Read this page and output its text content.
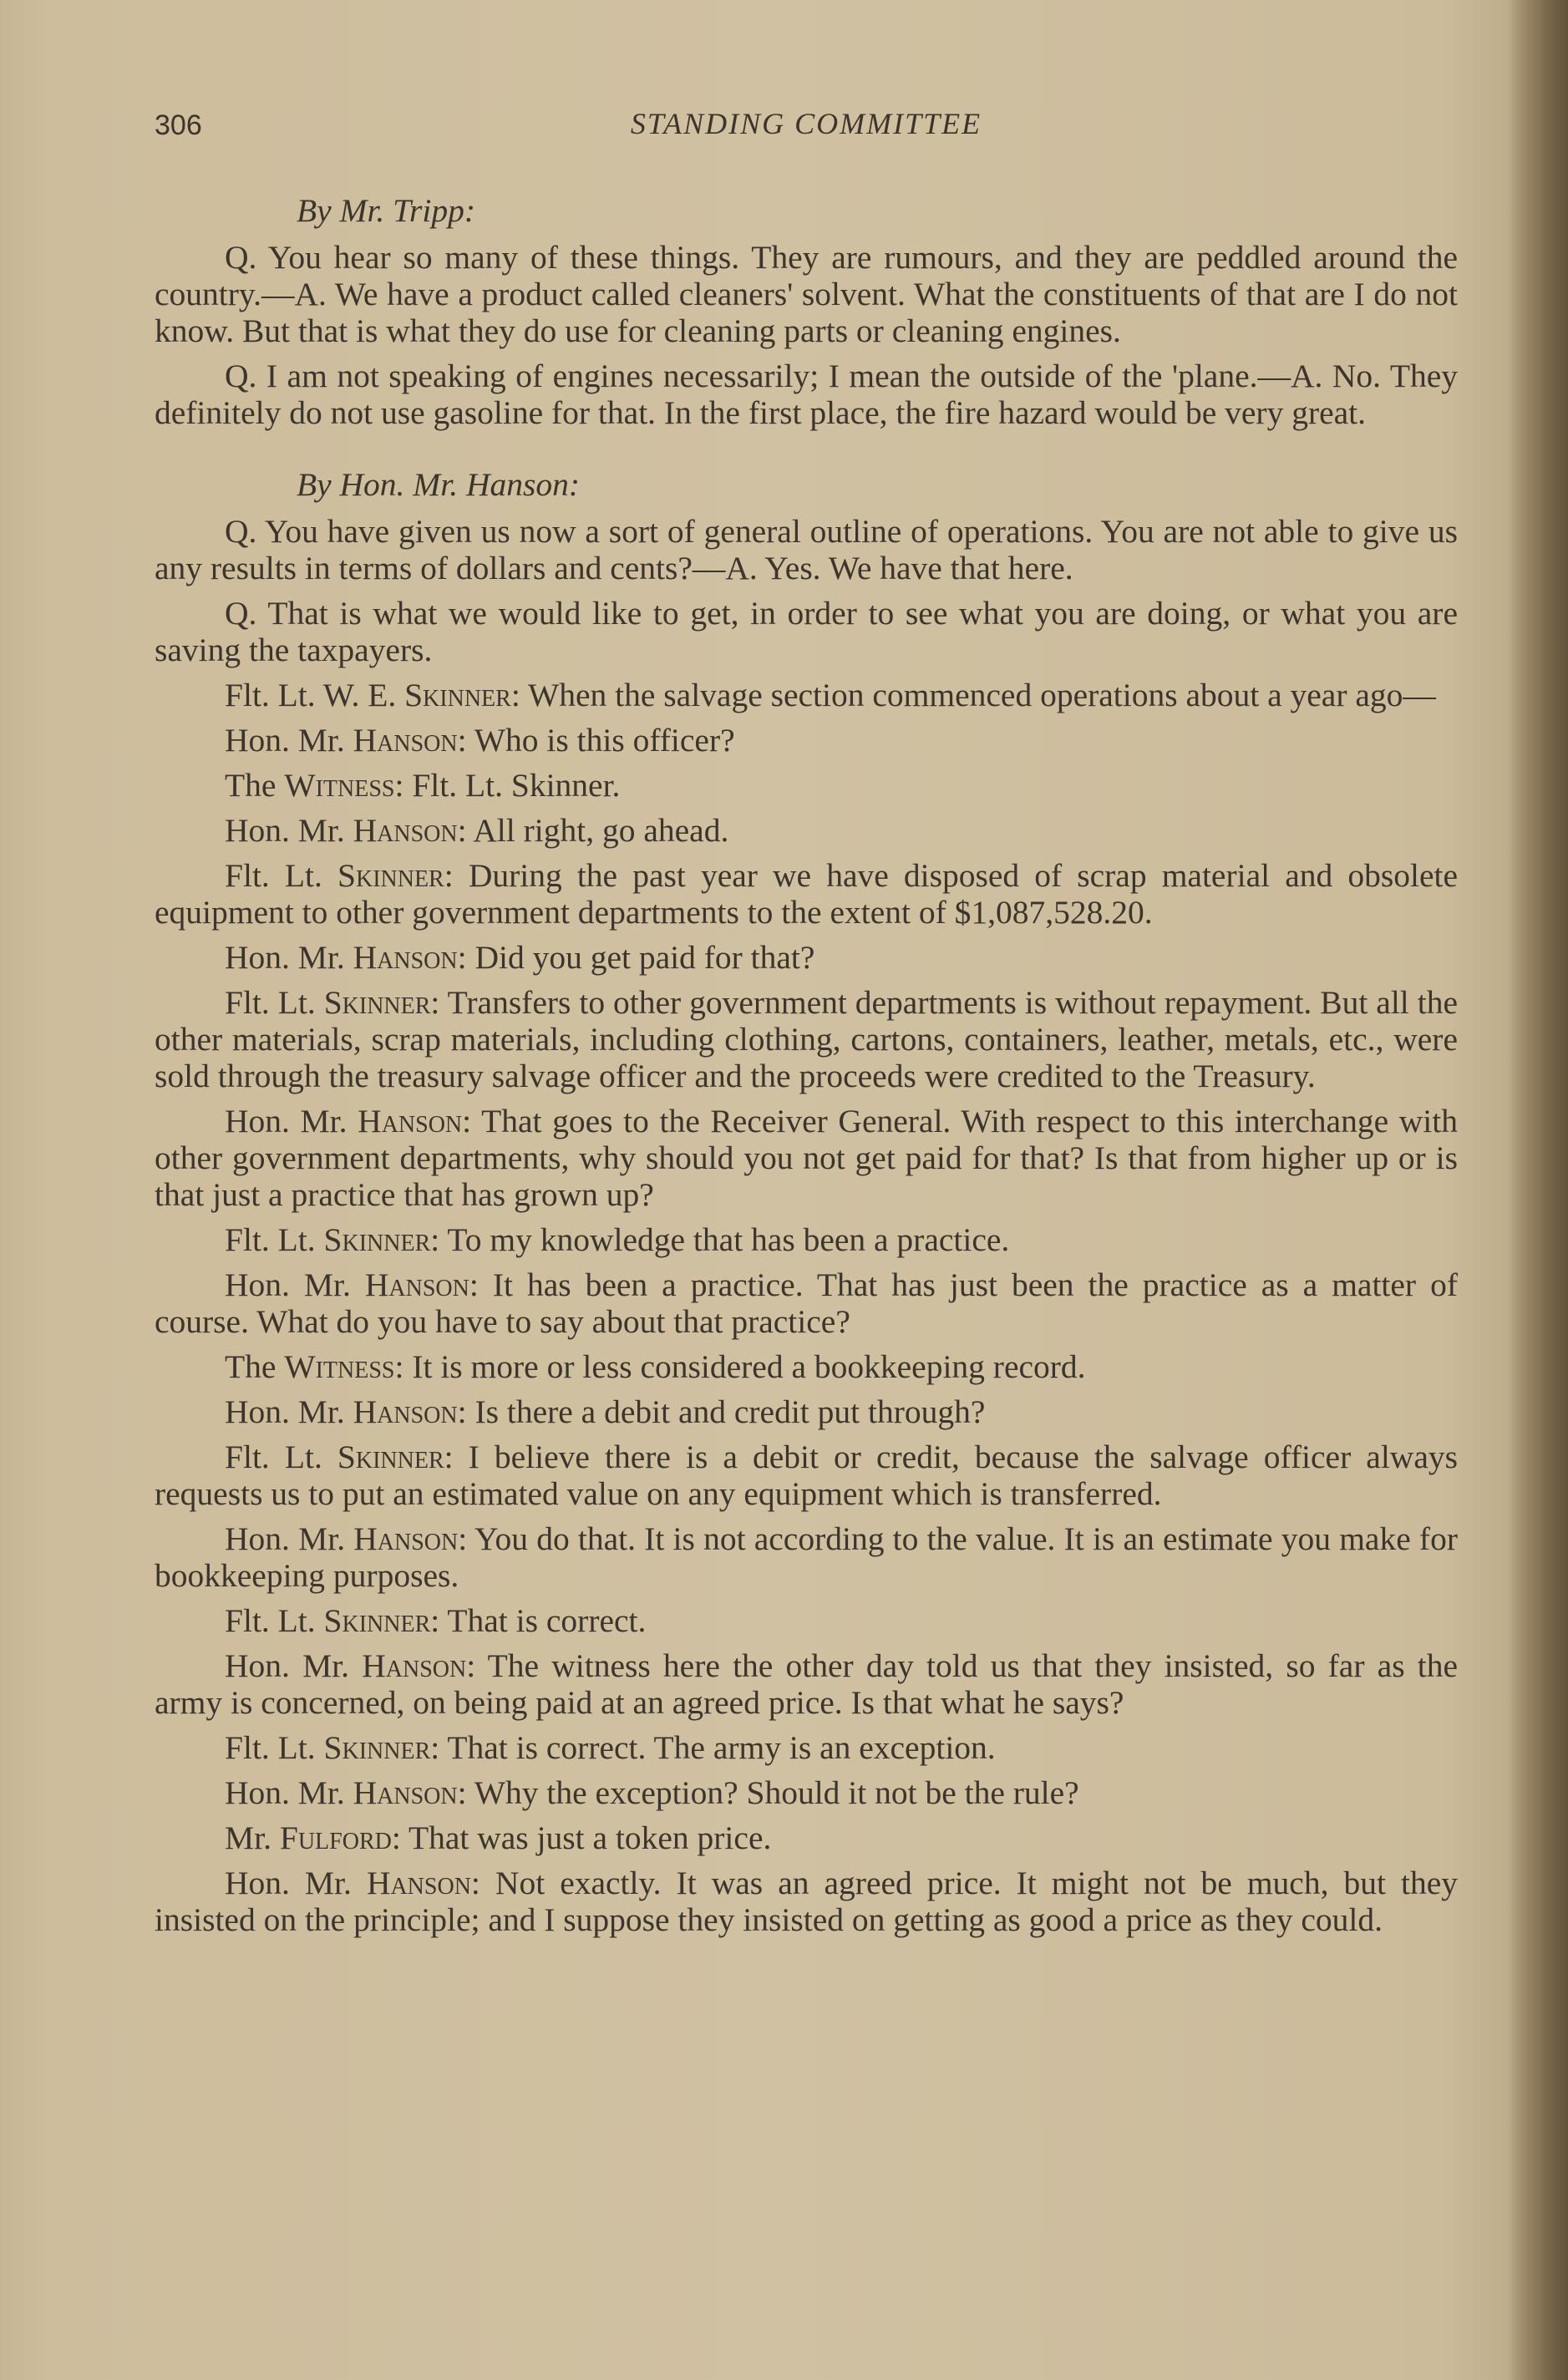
306	STANDING COMMITTEE
By Mr. Tripp:

Q. You hear so many of these things. They are rumours, and they are peddled around the country.—A. We have a product called cleaners' solvent. What the constituents of that are I do not know. But that is what they do use for cleaning parts or cleaning engines.

Q. I am not speaking of engines necessarily; I mean the outside of the 'plane.—A. No. They definitely do not use gasoline for that. In the first place, the fire hazard would be very great.

By Hon. Mr. Hanson:

Q. You have given us now a sort of general outline of operations. You are not able to give us any results in terms of dollars and cents?—A. Yes. We have that here.

Q. That is what we would like to get, in order to see what you are doing, or what you are saving the taxpayers.

Flt. Lt. W. E. Skinner: When the salvage section commenced operations about a year ago—

Hon. Mr. Hanson: Who is this officer?

The Witness: Flt. Lt. Skinner.

Hon. Mr. Hanson: All right, go ahead.

Flt. Lt. Skinner: During the past year we have disposed of scrap material and obsolete equipment to other government departments to the extent of $1,087,528.20.

Hon. Mr. Hanson: Did you get paid for that?

Flt. Lt. Skinner: Transfers to other government departments is without repayment. But all the other materials, scrap materials, including clothing, cartons, containers, leather, metals, etc., were sold through the treasury salvage officer and the proceeds were credited to the Treasury.

Hon. Mr. Hanson: That goes to the Receiver General. With respect to this interchange with other government departments, why should you not get paid for that? Is that from higher up or is that just a practice that has grown up?

Flt. Lt. Skinner: To my knowledge that has been a practice.

Hon. Mr. Hanson: It has been a practice. That has just been the practice as a matter of course. What do you have to say about that practice?

The Witness: It is more or less considered a bookkeeping record.

Hon. Mr. Hanson: Is there a debit and credit put through?

Flt. Lt. Skinner: I believe there is a debit or credit, because the salvage officer always requests us to put an estimated value on any equipment which is transferred.

Hon. Mr. Hanson: You do that. It is not according to the value. It is an estimate you make for bookkeeping purposes.

Flt. Lt. Skinner: That is correct.

Hon. Mr. Hanson: The witness here the other day told us that they insisted, so far as the army is concerned, on being paid at an agreed price. Is that what he says?

Flt. Lt. Skinner: That is correct. The army is an exception.

Hon. Mr. Hanson: Why the exception? Should it not be the rule?

Mr. Fulford: That was just a token price.

Hon. Mr. Hanson: Not exactly. It was an agreed price. It might not be much, but they insisted on the principle; and I suppose they insisted on getting as good a price as they could.
